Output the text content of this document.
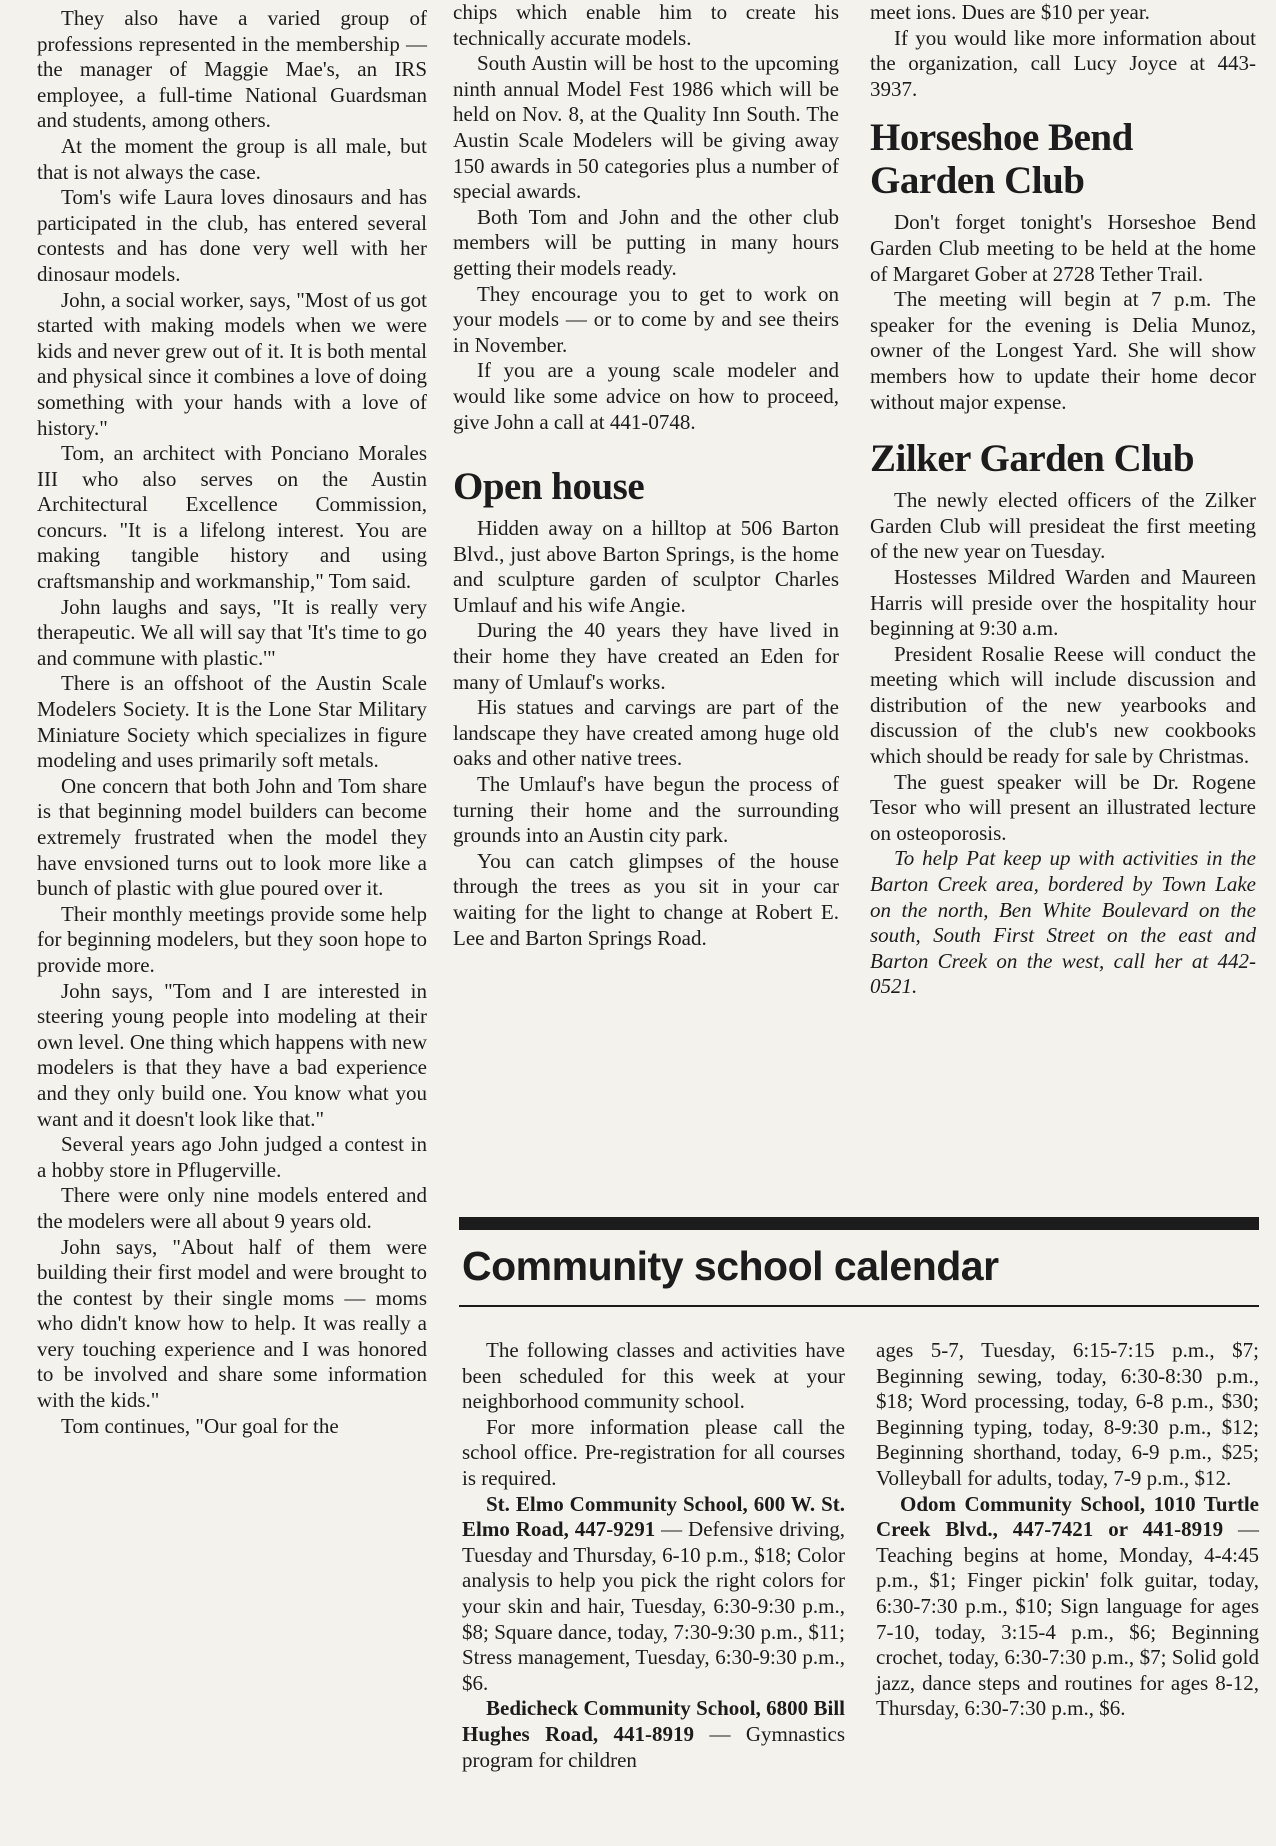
They also have a varied group of professions represented in the membership — the manager of Maggie Mae's, an IRS employee, a full-time National Guardsman and students, among others.

At the moment the group is all male, but that is not always the case.

Tom's wife Laura loves dinosaurs and has participated in the club, has entered several contests and has done very well with her dinosaur models.

John, a social worker, says, "Most of us got started with making models when we were kids and never grew out of it. It is both mental and physical since it combines a love of doing something with your hands with a love of history."

Tom, an architect with Ponciano Morales III who also serves on the Austin Architectural Excellence Commission, concurs. "It is a lifelong interest. You are making tangible history and using craftsmanship and workmanship," Tom said.

John laughs and says, "It is really very therapeutic. We all will say that 'It's time to go and commune with plastic.'"

There is an offshoot of the Austin Scale Modelers Society. It is the Lone Star Military Miniature Society which specializes in figure modeling and uses primarily soft metals.

One concern that both John and Tom share is that beginning model builders can become extremely frustrated when the model they have envsioned turns out to look more like a bunch of plastic with glue poured over it.

Their monthly meetings provide some help for beginning modelers, but they soon hope to provide more.

John says, "Tom and I are interested in steering young people into modeling at their own level. One thing which happens with new modelers is that they have a bad experience and they only build one. You know what you want and it doesn't look like that."

Several years ago John judged a contest in a hobby store in Pflugerville.

There were only nine models entered and the modelers were all about 9 years old.

John says, "About half of them were building their first model and were brought to the contest by their single moms — moms who didn't know how to help. It was really a very touching experience and I was honored to be involved and share some information with the kids."

Tom continues, "Our goal for the

chips which enable him to create his technically accurate models.

South Austin will be host to the upcoming ninth annual Model Fest 1986 which will be held on Nov. 8, at the Quality Inn South. The Austin Scale Modelers will be giving away 150 awards in 50 categories plus a number of special awards.

Both Tom and John and the other club members will be putting in many hours getting their models ready.

They encourage you to get to work on your models — or to come by and see theirs in November.

If you are a young scale modeler and would like some advice on how to proceed, give John a call at 441-0748.

Open house

Hidden away on a hilltop at 506 Barton Blvd., just above Barton Springs, is the home and sculpture garden of sculptor Charles Umlauf and his wife Angie.

During the 40 years they have lived in their home they have created an Eden for many of Umlauf's works.

His statues and carvings are part of the landscape they have created among huge old oaks and other native trees.

The Umlauf's have begun the process of turning their home and the surrounding grounds into an Austin city park.

You can catch glimpses of the house through the trees as you sit in your car waiting for the light to change at Robert E. Lee and Barton Springs Road.

meet ions. Dues are $10 per year.

If you would like more information about the organization, call Lucy Joyce at 443-3937.

Horseshoe Bend Garden Club

Don't forget tonight's Horseshoe Bend Garden Club meeting to be held at the home of Margaret Gober at 2728 Tether Trail.

The meeting will begin at 7 p.m. The speaker for the evening is Delia Munoz, owner of the Longest Yard. She will show members how to update their home decor without major expense.

Zilker Garden Club

The newly elected officers of the Zilker Garden Club will presideat the first meeting of the new year on Tuesday.

Hostesses Mildred Warden and Maureen Harris will preside over the hospitality hour beginning at 9:30 a.m.

President Rosalie Reese will conduct the meeting which will include discussion and distribution of the new yearbooks and discussion of the club's new cookbooks which should be ready for sale by Christmas.

The guest speaker will be Dr. Rogene Tesor who will present an illustrated lecture on osteoporosis.

To help Pat keep up with activities in the Barton Creek area, bordered by Town Lake on the north, Ben White Boulevard on the south, South First Street on the east and Barton Creek on the west, call her at 442-0521.

Community school calendar

The following classes and activities have been scheduled for this week at your neighborhood community school.

For more information please call the school office. Pre-registration for all courses is required.

St. Elmo Community School, 600 W. St. Elmo Road, 447-9291 — Defensive driving, Tuesday and Thursday, 6-10 p.m., $18; Color analysis to help you pick the right colors for your skin and hair, Tuesday, 6:30-9:30 p.m., $8; Square dance, today, 7:30-9:30 p.m., $11; Stress management, Tuesday, 6:30-9:30 p.m., $6.

Bedicheck Community School, 6800 Bill Hughes Road, 441-8919 — Gymnastics program for children

ages 5-7, Tuesday, 6:15-7:15 p.m., $7; Beginning sewing, today, 6:30-8:30 p.m., $18; Word processing, today, 6-8 p.m., $30; Beginning typing, today, 8-9:30 p.m., $12; Beginning shorthand, today, 6-9 p.m., $25; Volleyball for adults, today, 7-9 p.m., $12.

Odom Community School, 1010 Turtle Creek Blvd., 447-7421 or 441-8919 — Teaching begins at home, Monday, 4-4:45 p.m., $1; Finger pickin' folk guitar, today, 6:30-7:30 p.m., $10; Sign language for ages 7-10, today, 3:15-4 p.m., $6; Beginning crochet, today, 6:30-7:30 p.m., $7; Solid gold jazz, dance steps and routines for ages 8-12, Thursday, 6:30-7:30 p.m., $6.
